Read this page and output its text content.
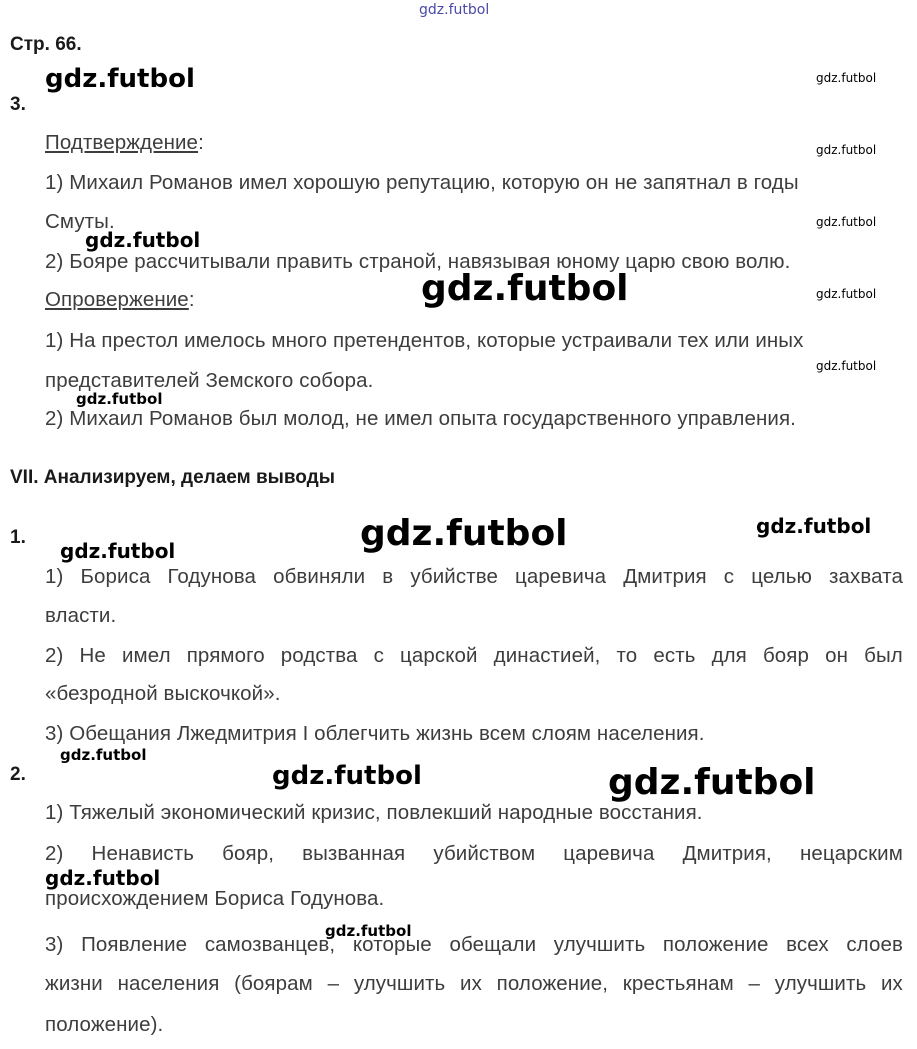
gdz.futbol
Стр. 66.
3.
Подтверждение:
1) Михаил Романов имел хорошую репутацию, которую он не запятнал в годы
Смуты.
2) Бояре рассчитывали править страной, навязывая юному царю свою волю.
Опровержение:
1) На престол имелось много претендентов, которые устраивали тех или иных
представителей Земского собора.
2) Михаил Романов был молод, не имел опыта государственного управления.
VII. Анализируем, делаем выводы
1.
1) Бориса Годунова обвиняли в убийстве царевича Дмитрия с целью захвата
власти.
2) Не имел прямого родства с царской династией, то есть для бояр он был
«безродной выскочкой».
3) Обещания Лжедмитрия I облегчить жизнь всем слоям населения.
2.
1) Тяжелый экономический кризис, повлекший народные восстания.
2) Ненависть бояр, вызванная убийством царевича Дмитрия, нецарским
происхождением Бориса Годунова.
3) Появление самозванцев, которые обещали улучшить положение всех слоев
жизни населения (боярам – улучшить их положение, крестьянам – улучшить их
положение).
gdz.futbol	gdz.futbol
gdz.futbol
gdz.futbol
gdz.futbol
gdz.futbol	gdz.futbol
gdz.futbol
gdz.futbol
gdz.futbol	gdz.futbol
gdz.futbol
gdz.futbol
gdz.futbol	gdz.futbol
gdz.futbol
gdz.futbol
